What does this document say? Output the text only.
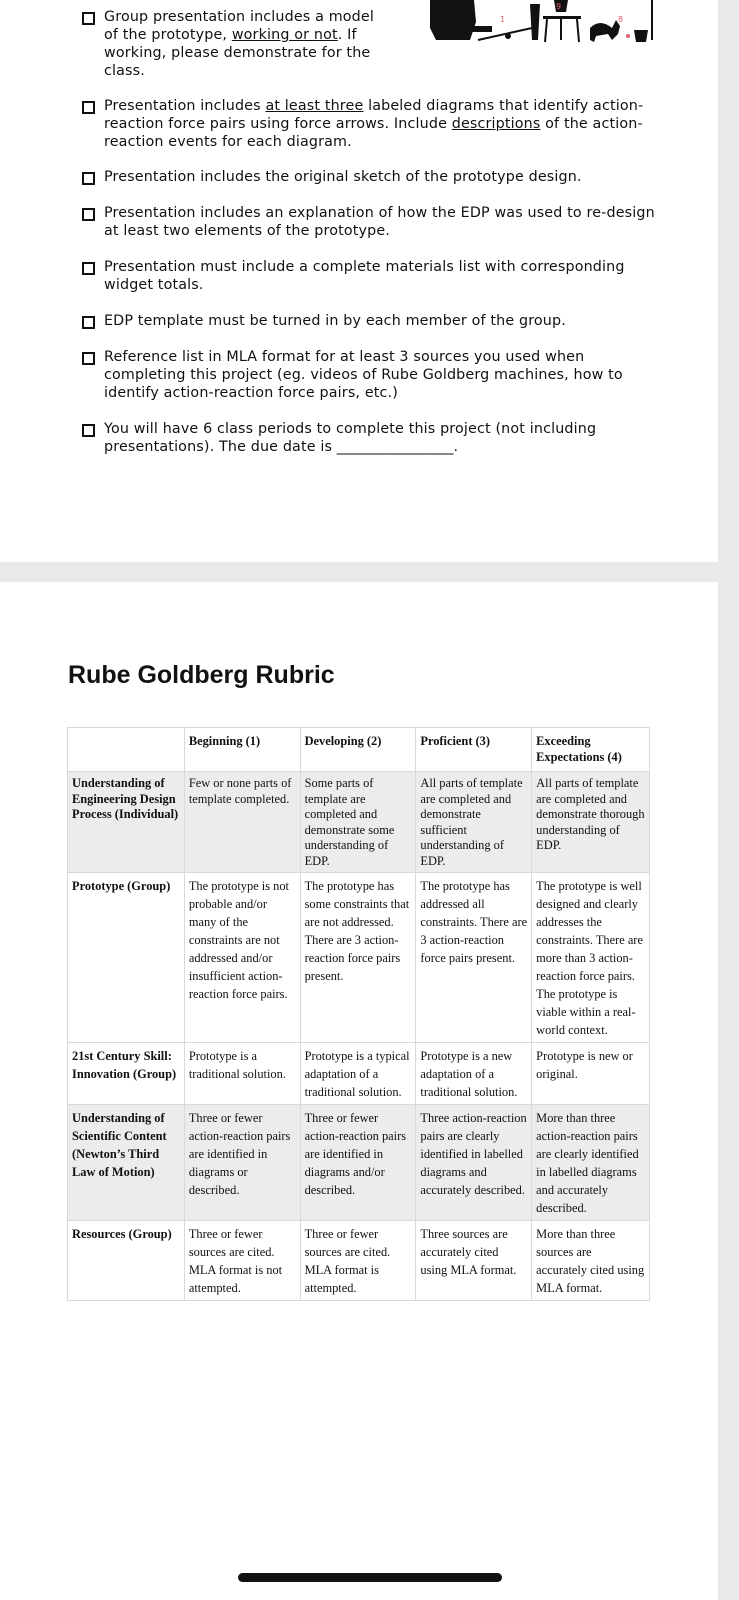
1
9
8
Group presentation includes a model
of the prototype, working or not. If
working, please demonstrate for the
class.
Presentation includes at least three labeled diagrams that identify action-
reaction force pairs using force arrows. Include descriptions of the action-
reaction events for each diagram.
Presentation includes the original sketch of the prototype design.
Presentation includes an explanation of how the EDP was used to re-design
at least two elements of the prototype.
Presentation must include a complete materials list with corresponding
widget totals.
EDP template must be turned in by each member of the group.
Reference list in MLA format for at least 3 sources you used when
completing this project (eg. videos of Rube Goldberg machines, how to
identify action-reaction force pairs, etc.)
You will have 6 class periods to complete this project (not including
presentations). The due date is ________________.
Rube Goldberg Rubric
	Beginning (1)	Developing (2)	Proficient (3)	Exceeding Expectations (4)
Understanding of Engineering Design Process (Individual)	Few or none parts of template completed.	Some parts of template are completed and demonstrate some understanding of EDP.	All parts of template are completed and demonstrate sufficient understanding of EDP.	All parts of template are completed and demonstrate thorough understanding of EDP.
Prototype (Group)	The prototype is not probable and/or many of the constraints are not addressed and/or insufficient action-reaction force pairs.	The prototype has some constraints that are not addressed. There are 3 action-reaction force pairs present.	The prototype has addressed all constraints. There are 3 action-reaction force pairs present.	The prototype is well designed and clearly addresses the constraints. There are more than 3 action-reaction force pairs. The prototype is viable within a real-world context.
21st Century Skill: Innovation (Group)	Prototype is a traditional solution.	Prototype is a typical adaptation of a traditional solution.	Prototype is a new adaptation of a traditional solution.	Prototype is new or original.
Understanding of Scientific Content (Newton’s Third Law of Motion)	Three or fewer action-reaction pairs are identified in diagrams or described.	Three or fewer action-reaction pairs are identified in diagrams and/or described.	Three action-reaction pairs are clearly identified in labelled diagrams and accurately described.	More than three action-reaction pairs are clearly identified in labelled diagrams and accurately described.
Resources (Group)	Three or fewer sources are cited. MLA format is not attempted.	Three or fewer sources are cited. MLA format is attempted.	Three sources are accurately cited using MLA format.	More than three sources are accurately cited using MLA format.
